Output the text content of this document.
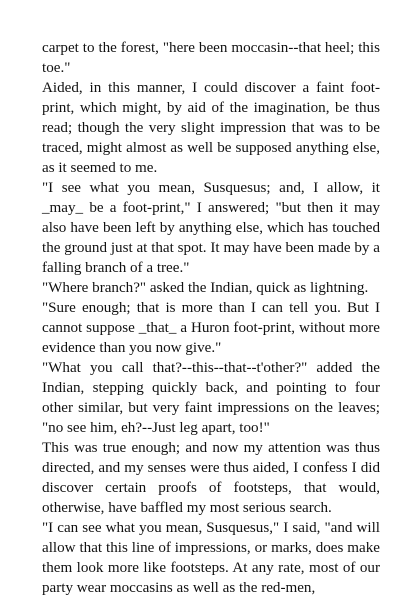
carpet to the forest, "here been moccasin--that heel; this toe."

Aided, in this manner, I could discover a faint foot-print, which might, by aid of the imagination, be thus read; though the very slight impression that was to be traced, might almost as well be supposed anything else, as it seemed to me.

"I see what you mean, Susquesus; and, I allow, it _may_ be a foot-print," I answered; "but then it may also have been left by anything else, which has touched the ground just at that spot. It may have been made by a falling branch of a tree."

"Where branch?" asked the Indian, quick as lightning.

"Sure enough; that is more than I can tell you. But I cannot suppose _that_ a Huron foot-print, without more evidence than you now give."

"What you call that?--this--that--t'other?" added the Indian, stepping quickly back, and pointing to four other similar, but very faint impressions on the leaves; "no see him, eh?--Just leg apart, too!"

This was true enough; and now my attention was thus directed, and my senses were thus aided, I confess I did discover certain proofs of footsteps, that would, otherwise, have baffled my most serious search.

"I can see what you mean, Susquesus," I said, "and will allow that this line of impressions, or marks, does make them look more like footsteps. At any rate, most of our party wear moccasins as well as the red-men,
